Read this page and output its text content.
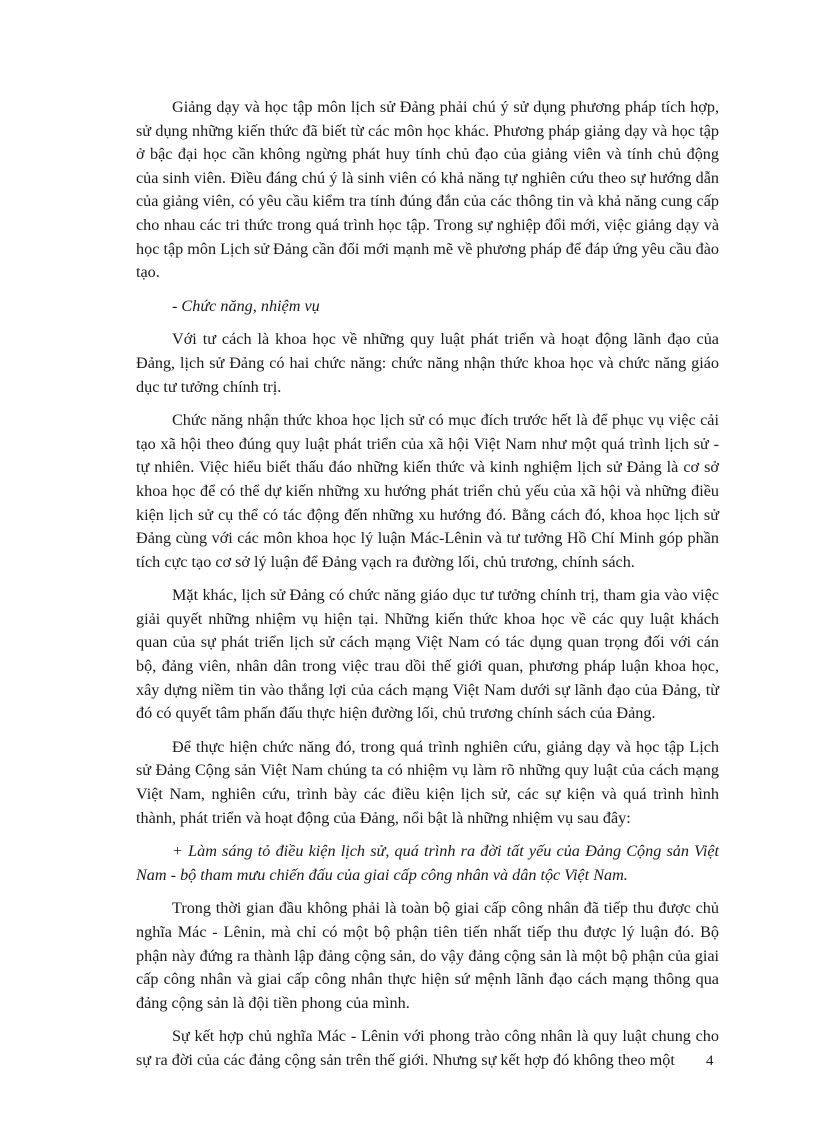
Giảng dạy và học tập môn lịch sử Đảng phải chú ý sử dụng phương pháp tích hợp, sử dụng những kiến thức đã biết từ các môn học khác. Phương pháp giảng dạy và học tập ở bậc đại học cần không ngừng phát huy tính chủ đạo của giảng viên và tính chủ động của sinh viên. Điều đáng chú ý là sinh viên có khả năng tự nghiên cứu theo sự hướng dẫn của giảng viên, có yêu cầu kiểm tra tính đúng đắn của các thông tin và khả năng cung cấp cho nhau các tri thức trong quá trình học tập. Trong sự nghiệp đổi mới, việc giảng dạy và học tập môn Lịch sử Đảng cần đổi mới mạnh mẽ về phương pháp để đáp ứng yêu cầu đào tạo.

- Chức năng, nhiệm vụ

Với tư cách là khoa học về những quy luật phát triển và hoạt động lãnh đạo của Đảng, lịch sử Đảng có hai chức năng: chức năng nhận thức khoa học và chức năng giáo dục tư tưởng chính trị.

Chức năng nhận thức khoa học lịch sử có mục đích trước hết là để phục vụ việc cải tạo xã hội theo đúng quy luật phát triển của xã hội Việt Nam như một quá trình lịch sử - tự nhiên. Việc hiểu biết thấu đáo những kiến thức và kinh nghiệm lịch sử Đảng là cơ sở khoa học để có thể dự kiến những xu hướng phát triển chủ yếu của xã hội và những điều kiện lịch sử cụ thể có tác động đến những xu hướng đó. Bằng cách đó, khoa học lịch sử Đảng cùng với các môn khoa học lý luận Mác-Lênin và tư tưởng Hồ Chí Minh góp phần tích cực tạo cơ sở lý luận để Đảng vạch ra đường lối, chủ trương, chính sách.

Mặt khác, lịch sử Đảng có chức năng giáo dục tư tưởng chính trị, tham gia vào việc giải quyết những nhiệm vụ hiện tại. Những kiến thức khoa học về các quy luật khách quan của sự phát triển lịch sử cách mạng Việt Nam có tác dụng quan trọng đối với cán bộ, đảng viên, nhân dân trong việc trau dồi thế giới quan, phương pháp luận khoa học, xây dựng niềm tin vào thắng lợi của cách mạng Việt Nam dưới sự lãnh đạo của Đảng, từ đó có quyết tâm phấn đấu thực hiện đường lối, chủ trương chính sách của Đảng.

Để thực hiện chức năng đó, trong quá trình nghiên cứu, giảng dạy và học tập Lịch sử Đảng Cộng sản Việt Nam chúng ta có nhiệm vụ làm rõ những quy luật của cách mạng Việt Nam, nghiên cứu, trình bày các điều kiện lịch sử, các sự kiện và quá trình hình thành, phát triển và hoạt động của Đảng, nổi bật là những nhiệm vụ sau đây:

+ Làm sáng tỏ điều kiện lịch sử, quá trình ra đời tất yếu của Đảng Cộng sản Việt Nam - bộ tham mưu chiến đấu của giai cấp công nhân và dân tộc Việt Nam.

Trong thời gian đầu không phải là toàn bộ giai cấp công nhân đã tiếp thu được chủ nghĩa Mác - Lênin, mà chỉ có một bộ phận tiên tiến nhất tiếp thu được lý luận đó. Bộ phận này đứng ra thành lập đảng cộng sản, do vậy đảng cộng sản là một bộ phận của giai cấp công nhân và giai cấp công nhân thực hiện sứ mệnh lãnh đạo cách mạng thông qua đảng cộng sản là đội tiền phong của mình.

Sự kết hợp chủ nghĩa Mác - Lênin với phong trào công nhân là quy luật chung cho sự ra đời của các đảng cộng sản trên thế giới. Nhưng sự kết hợp đó không theo một	4
